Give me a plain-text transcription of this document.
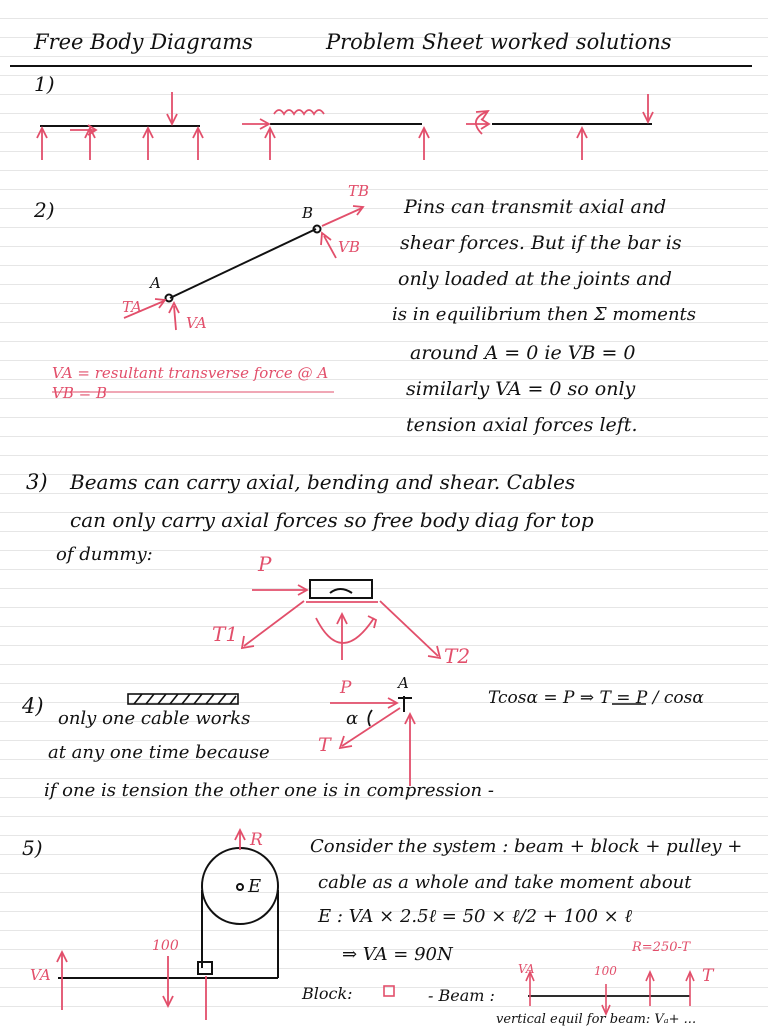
Free Body Diagrams	Problem Sheet worked solutions
1)
2)	B
A
TB
VB
TA
VA
VA = resultant transverse force @ A
VB = B
Pins can transmit axial and
shear forces. But if the bar is
only loaded at the joints and
is in equilibrium then Σ moments
around A = 0 ie VB = 0
similarly VA = 0 so only
tension axial forces left.
3) Beams can carry axial, bending and shear. Cables
can only carry axial forces so free body diag for top
of dummy:	P
T1
T2
4)
only one cable works
at any one time because
if one is tension the other one is in compression -
P	A
α
T
Tcosα = P ⇒ T = P / cosα
5)	R
E
VA
100
Consider the system : beam + block + pulley +
cable as a whole and take moment about
E : VA × 2.5ℓ = 50 × ℓ/2 + 100 × ℓ
⇒ VA = 90N
Block:	- Beam :
VA	100
R=250-T
T
vertical equil for beam: Vₐ+ ...
